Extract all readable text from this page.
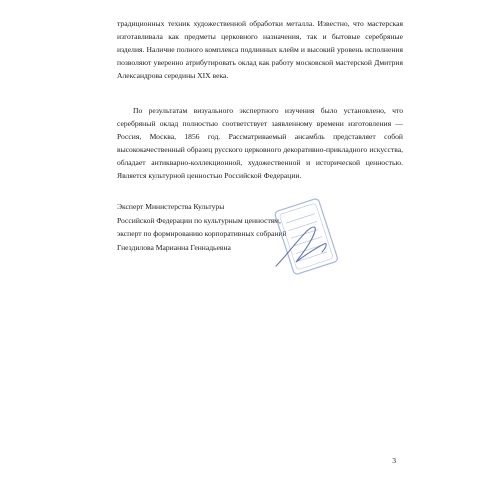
традиционных техник художественной обработки металла. Известно, что мастерская изготавливала как предметы церковного назначения, так и бытовые серебряные изделия. Наличие полного комплекса подлинных клейм и высокий уровень исполнения позволяют уверенно атрибутировать оклад как работу московской мастерской Дмитрия Александрова середины XIX века.

По результатам визуального экспертного изучения было установлено, что серебряный оклад полностью соответствует заявленному времени изготовления — Россия, Москва, 1856 год. Рассматриваемый ансамбль представляет собой высококачественный образец русского церковного декоративно-прикладного искусства, обладает антикварно-коллекционной, художественной и исторической ценностью. Является культурной ценностью Российской Федерации.

Эксперт Министерства Культуры
Российской Федерации по культурным ценностям,
эксперт по формированию корпоративных собраний
Гнездилова Марианна Геннадьевна
3
